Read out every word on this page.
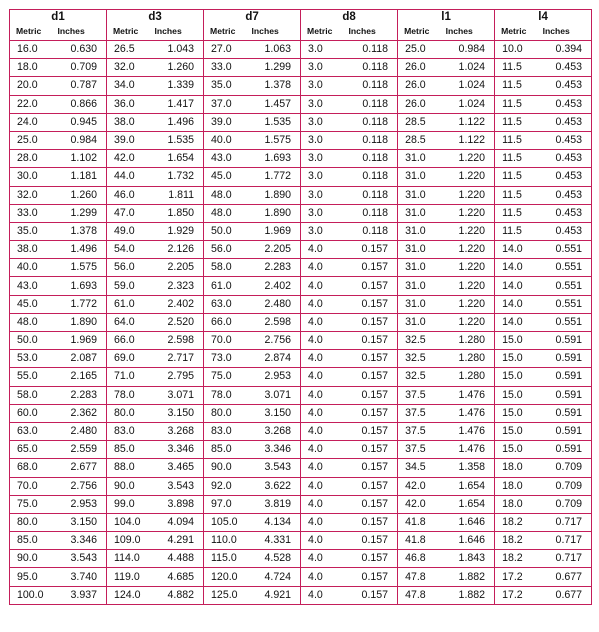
d1		d3		d7		d8		l1		l4	
Metric	Inches	Metric	Inches	Metric	Inches	Metric	Inches	Metric	Inches	Metric	Inches
16.0	0.630	26.5	1.043	27.0	1.063	3.0	0.118	25.0	0.984	10.0	0.394
18.0	0.709	32.0	1.260	33.0	1.299	3.0	0.118	26.0	1.024	11.5	0.453
20.0	0.787	34.0	1.339	35.0	1.378	3.0	0.118	26.0	1.024	11.5	0.453
22.0	0.866	36.0	1.417	37.0	1.457	3.0	0.118	26.0	1.024	11.5	0.453
24.0	0.945	38.0	1.496	39.0	1.535	3.0	0.118	28.5	1.122	11.5	0.453
25.0	0.984	39.0	1.535	40.0	1.575	3.0	0.118	28.5	1.122	11.5	0.453
28.0	1.102	42.0	1.654	43.0	1.693	3.0	0.118	31.0	1.220	11.5	0.453
30.0	1.181	44.0	1.732	45.0	1.772	3.0	0.118	31.0	1.220	11.5	0.453
32.0	1.260	46.0	1.811	48.0	1.890	3.0	0.118	31.0	1.220	11.5	0.453
33.0	1.299	47.0	1.850	48.0	1.890	3.0	0.118	31.0	1.220	11.5	0.453
35.0	1.378	49.0	1.929	50.0	1.969	3.0	0.118	31.0	1.220	11.5	0.453
38.0	1.496	54.0	2.126	56.0	2.205	4.0	0.157	31.0	1.220	14.0	0.551
40.0	1.575	56.0	2.205	58.0	2.283	4.0	0.157	31.0	1.220	14.0	0.551
43.0	1.693	59.0	2.323	61.0	2.402	4.0	0.157	31.0	1.220	14.0	0.551
45.0	1.772	61.0	2.402	63.0	2.480	4.0	0.157	31.0	1.220	14.0	0.551
48.0	1.890	64.0	2.520	66.0	2.598	4.0	0.157	31.0	1.220	14.0	0.551
50.0	1.969	66.0	2.598	70.0	2.756	4.0	0.157	32.5	1.280	15.0	0.591
53.0	2.087	69.0	2.717	73.0	2.874	4.0	0.157	32.5	1.280	15.0	0.591
55.0	2.165	71.0	2.795	75.0	2.953	4.0	0.157	32.5	1.280	15.0	0.591
58.0	2.283	78.0	3.071	78.0	3.071	4.0	0.157	37.5	1.476	15.0	0.591
60.0	2.362	80.0	3.150	80.0	3.150	4.0	0.157	37.5	1.476	15.0	0.591
63.0	2.480	83.0	3.268	83.0	3.268	4.0	0.157	37.5	1.476	15.0	0.591
65.0	2.559	85.0	3.346	85.0	3.346	4.0	0.157	37.5	1.476	15.0	0.591
68.0	2.677	88.0	3.465	90.0	3.543	4.0	0.157	34.5	1.358	18.0	0.709
70.0	2.756	90.0	3.543	92.0	3.622	4.0	0.157	42.0	1.654	18.0	0.709
75.0	2.953	99.0	3.898	97.0	3.819	4.0	0.157	42.0	1.654	18.0	0.709
80.0	3.150	104.0	4.094	105.0	4.134	4.0	0.157	41.8	1.646	18.2	0.717
85.0	3.346	109.0	4.291	110.0	4.331	4.0	0.157	41.8	1.646	18.2	0.717
90.0	3.543	114.0	4.488	115.0	4.528	4.0	0.157	46.8	1.843	18.2	0.717
95.0	3.740	119.0	4.685	120.0	4.724	4.0	0.157	47.8	1.882	17.2	0.677
100.0	3.937	124.0	4.882	125.0	4.921	4.0	0.157	47.8	1.882	17.2	0.677
